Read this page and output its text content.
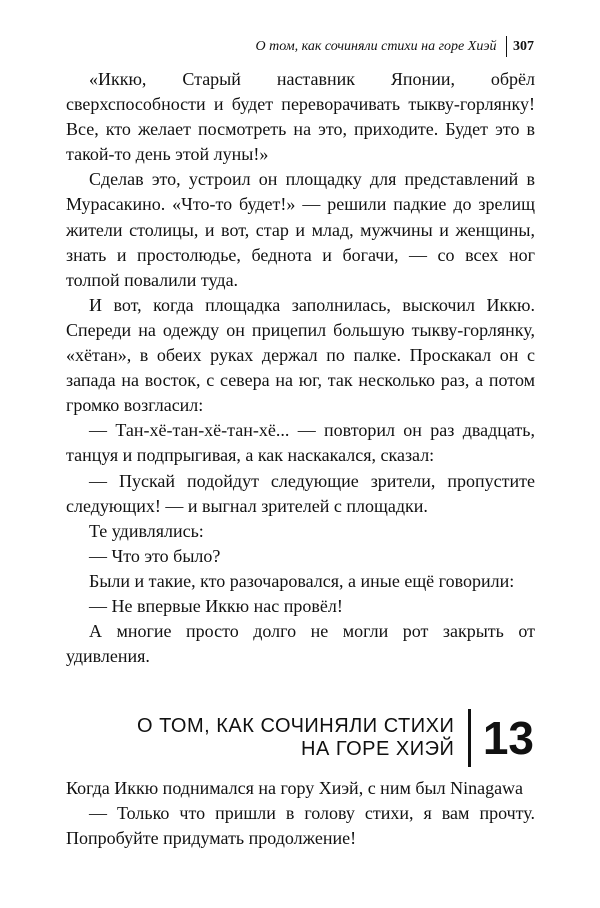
О том, как сочиняли стихи на горе Хиэй 307

«Иккю, Старый наставник Японии, обрёл сверхспособности и будет переворачивать тыкву-горлянку! Все, кто желает посмотреть на это, приходите. Будет это в такой-то день этой луны!»

Сделав это, устроил он площадку для представлений в Мурасакино. «Что-то будет!» — решили падкие до зрелищ жители столицы, и вот, стар и млад, мужчины и женщины, знать и простолюдье, беднота и богачи, — со всех ног толпой повалили туда.

И вот, когда площадка заполнилась, выскочил Иккю. Спереди на одежду он прицепил большую тыкву-горлянку, «хётан», в обеих руках держал по палке. Проскакал он с запада на восток, с севера на юг, так несколько раз, а потом громко возгласил:

— Тан-хё-тан-хё-тан-хё... — повторил он раз двадцать, танцуя и подпрыгивая, а как наскакался, сказал:

— Пускай подойдут следующие зрители, пропустите следующих! — и выгнал зрителей с площадки.

Те удивлялись:

— Что это было?

Были и такие, кто разочаровался, а иные ещё говорили:

— Не впервые Иккю нас провёл!

А многие просто долго не могли рот закрыть от удивления.

О ТОМ, КАК СОЧИНЯЛИ СТИХИ
НА ГОРЕ ХИЭЙ 13

Когда Иккю поднимался на гору Хиэй, с ним был Ninagawa

— Только что пришли в голову стихи, я вам прочту. Попробуйте придумать продолжение!
